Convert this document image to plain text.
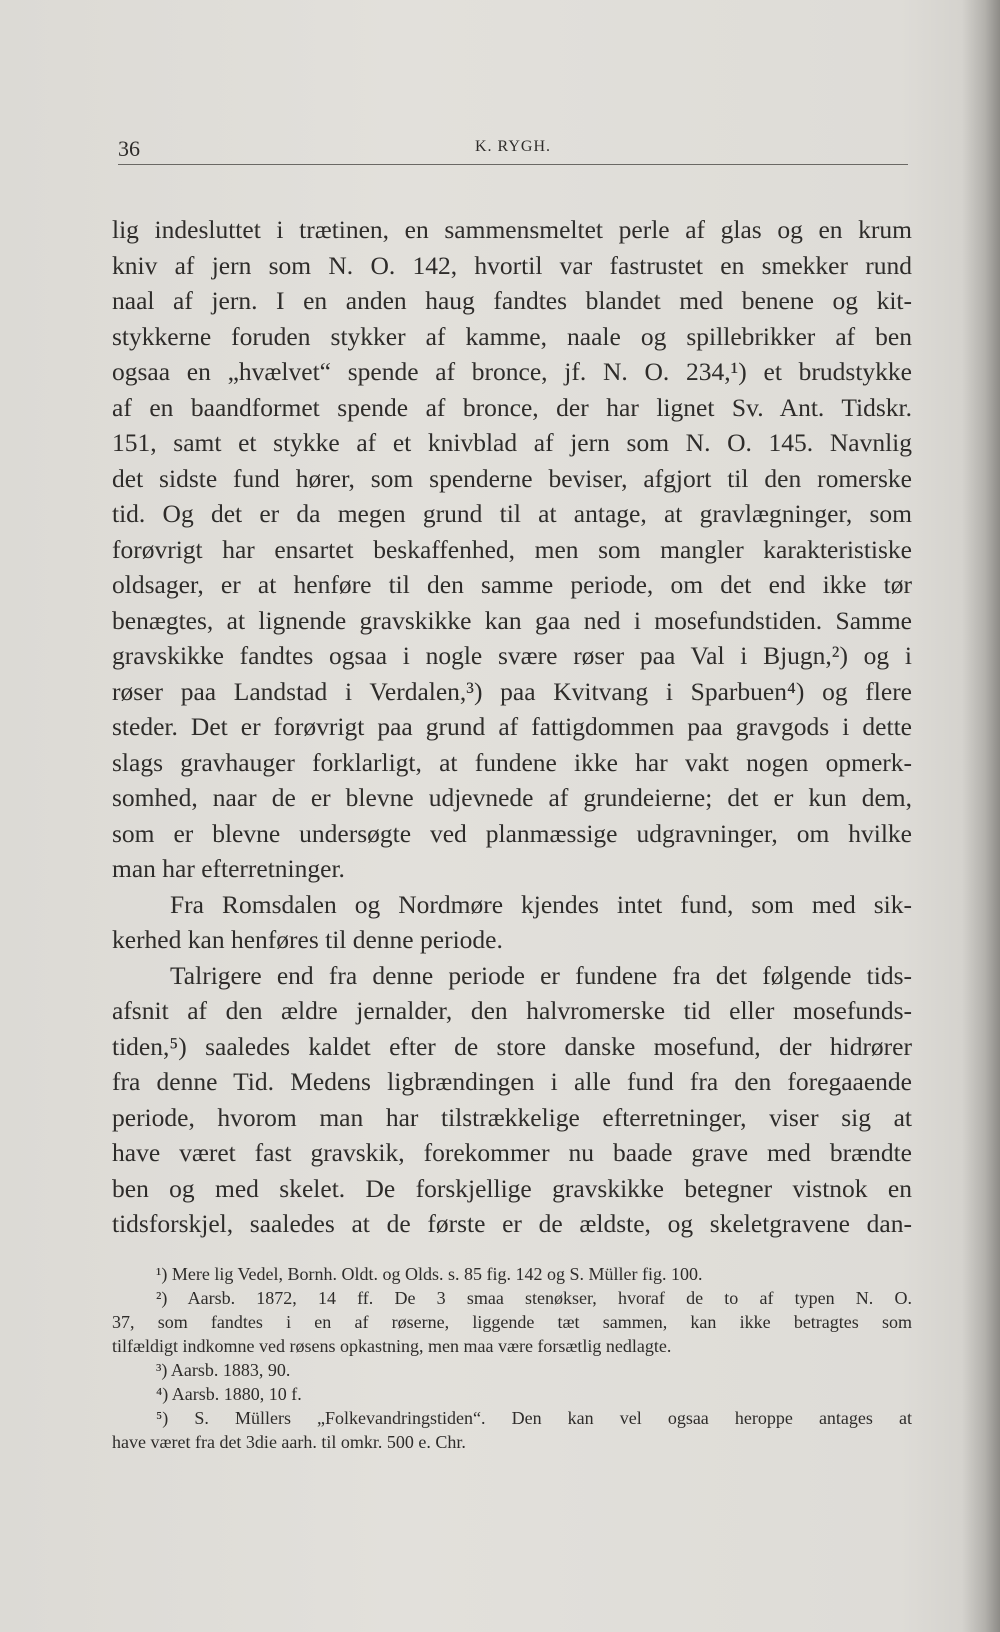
36	K. RYGH.
lig indesluttet i trætinen, en sammensmeltet perle af glas og en krum
kniv af jern som N. O. 142, hvortil var fastrustet en smekker rund
naal af jern. I en anden haug fandtes blandet med benene og kit-
stykkerne foruden stykker af kamme, naale og spillebrikker af ben
ogsaa en „hvælvet“ spende af bronce, jf. N. O. 234,¹) et brudstykke
af en baandformet spende af bronce, der har lignet Sv. Ant. Tidskr.
151, samt et stykke af et knivblad af jern som N. O. 145. Navnlig
det sidste fund hører, som spenderne beviser, afgjort til den romerske
tid. Og det er da megen grund til at antage, at gravlægninger, som
forøvrigt har ensartet beskaffenhed, men som mangler karakteristiske
oldsager, er at henføre til den samme periode, om det end ikke tør
benægtes, at lignende gravskikke kan gaa ned i mosefundstiden. Samme
gravskikke fandtes ogsaa i nogle svære røser paa Val i Bjugn,²) og i
røser paa Landstad i Verdalen,³) paa Kvitvang i Sparbuen⁴) og flere
steder. Det er forøvrigt paa grund af fattigdommen paa gravgods i dette
slags gravhauger forklarligt, at fundene ikke har vakt nogen opmerk-
somhed, naar de er blevne udjevnede af grundeierne; det er kun dem,
som er blevne undersøgte ved planmæssige udgravninger, om hvilke
man har efterretninger.
Fra Romsdalen og Nordmøre kjendes intet fund, som med sik-
kerhed kan henføres til denne periode.
Talrigere end fra denne periode er fundene fra det følgende tids-
afsnit af den ældre jernalder, den halvromerske tid eller mosefunds-
tiden,⁵) saaledes kaldet efter de store danske mosefund, der hidrører
fra denne Tid. Medens ligbrændingen i alle fund fra den foregaaende
periode, hvorom man har tilstrækkelige efterretninger, viser sig at
have været fast gravskik, forekommer nu baade grave med brændte
ben og med skelet. De forskjellige gravskikke betegner vistnok en
tidsforskjel, saaledes at de første er de ældste, og skeletgravene dan-
¹) Mere lig Vedel, Bornh. Oldt. og Olds. s. 85 fig. 142 og S. Müller fig. 100.
²) Aarsb. 1872, 14 ff. De 3 smaa stenøkser, hvoraf de to af typen N. O.
37, som fandtes i en af røserne, liggende tæt sammen, kan ikke betragtes som
tilfældigt indkomne ved røsens opkastning, men maa være forsætlig nedlagte.
³) Aarsb. 1883, 90.
⁴) Aarsb. 1880, 10 f.
⁵) S. Müllers „Folkevandringstiden“. Den kan vel ogsaa heroppe antages at
have været fra det 3die aarh. til omkr. 500 e. Chr.
